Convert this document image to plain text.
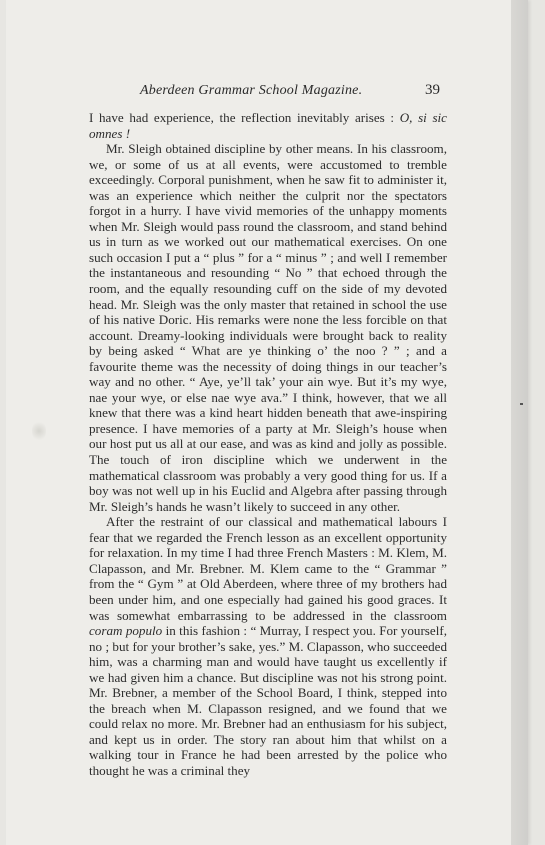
Aberdeen Grammar School Magazine.	39

I have had experience, the reflection inevitably arises : O, si sic omnes !

Mr. Sleigh obtained discipline by other means. In his classroom, we, or some of us at all events, were accustomed to tremble exceedingly. Corporal punishment, when he saw fit to administer it, was an experience which neither the culprit nor the spectators forgot in a hurry. I have vivid memories of the unhappy moments when Mr. Sleigh would pass round the classroom, and stand behind us in turn as we worked out our mathematical exercises. On one such occasion I put a “ plus ” for a “ minus ” ; and well I remember the instantaneous and resounding “ No ” that echoed through the room, and the equally resounding cuff on the side of my devoted head. Mr. Sleigh was the only master that retained in school the use of his native Doric. His remarks were none the less forcible on that account. Dreamy-looking individuals were brought back to reality by being asked “ What are ye thinking o’ the noo ? ” ; and a favourite theme was the necessity of doing things in our teacher’s way and no other. “ Aye, ye’ll tak’ your ain wye. But it’s my wye, nae your wye, or else nae wye ava.” I think, however, that we all knew that there was a kind heart hidden beneath that awe-inspiring presence. I have memories of a party at Mr. Sleigh’s house when our host put us all at our ease, and was as kind and jolly as possible. The touch of iron discipline which we underwent in the mathematical classroom was probably a very good thing for us. If a boy was not well up in his Euclid and Algebra after passing through Mr. Sleigh’s hands he wasn’t likely to succeed in any other.

After the restraint of our classical and mathematical labours I fear that we regarded the French lesson as an excellent opportunity for relaxation. In my time I had three French Masters : M. Klem, M. Clapasson, and Mr. Brebner. M. Klem came to the “ Grammar ” from the “ Gym ” at Old Aberdeen, where three of my brothers had been under him, and one especially had gained his good graces. It was somewhat embarrassing to be addressed in the classroom coram populo in this fashion : “ Murray, I respect you. For yourself, no ; but for your brother’s sake, yes.” M. Clapasson, who succeeded him, was a charming man and would have taught us excellently if we had given him a chance. But discipline was not his strong point. Mr. Brebner, a member of the School Board, I think, stepped into the breach when M. Clapasson resigned, and we found that we could relax no more. Mr. Brebner had an enthusiasm for his subject, and kept us in order. The story ran about him that whilst on a walking tour in France he had been arrested by the police who thought he was a criminal they
